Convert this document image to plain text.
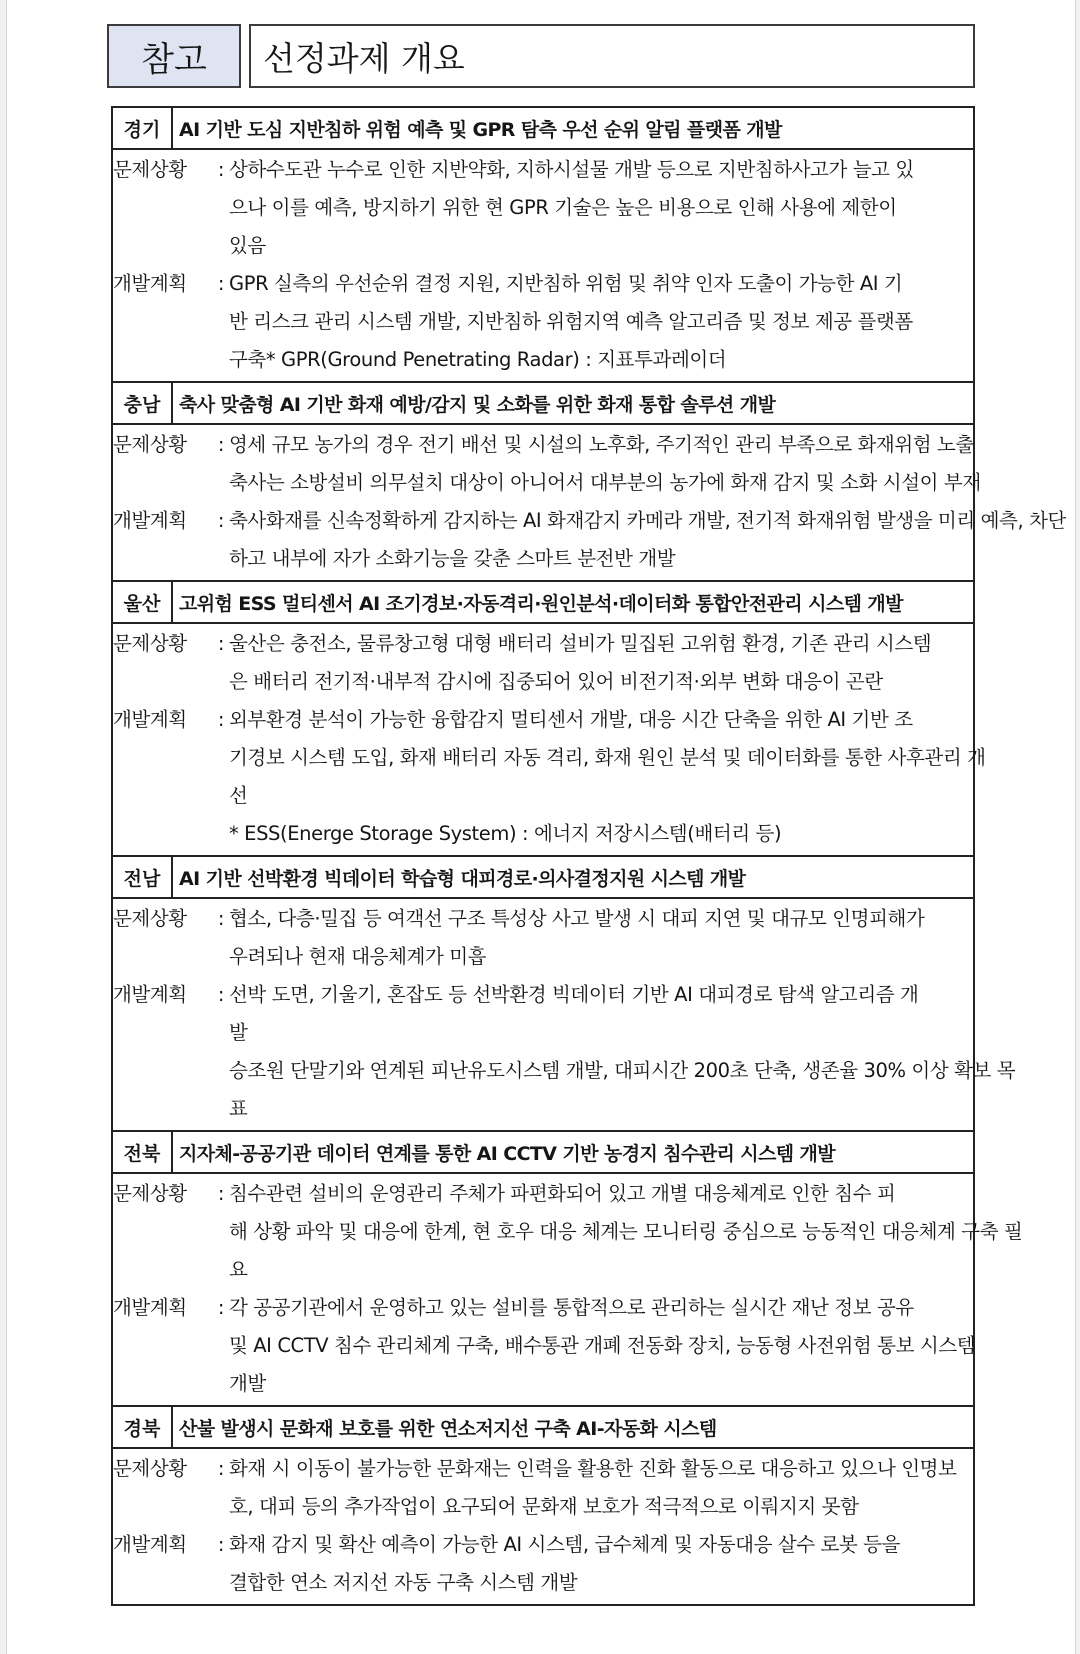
참고	선정과제 개요
경기 AI 기반 도심 지반침하 위험 예측 및 GPR 탐측 우선 순위 알림 플랫폼 개발
문제상황	: 상하수도관 누수로 인한 지반약화, 지하시설물 개발 등으로 지반침하사고가 늘고 있
으나 이를 예측, 방지하기 위한 현 GPR 기술은 높은 비용으로 인해 사용에 제한이
있음
개발계획	: GPR 실측의 우선순위 결정 지원, 지반침하 위험 및 취약 인자 도출이 가능한 AI 기
반 리스크 관리 시스템 개발, 지반침하 위험지역 예측 알고리즘 및 정보 제공 플랫폼
구축* GPR(Ground Penetrating Radar) : 지표투과레이더
충남 축사 맞춤형 AI 기반 화재 예방/감지 및 소화를 위한 화재 통합 솔루션 개발
문제상황	: 영세 규모 농가의 경우 전기 배선 및 시설의 노후화, 주기적인 관리 부족으로 화재위험 노출
축사는 소방설비 의무설치 대상이 아니어서 대부분의 농가에 화재 감지 및 소화 시설이 부재
개발계획	: 축사화재를 신속정확하게 감지하는 AI 화재감지 카메라 개발, 전기적 화재위험 발생을 미리 예측, 차단
하고 내부에 자가 소화기능을 갖춘 스마트 분전반 개발
울산 고위험 ESS 멀티센서 AI 조기경보·자동격리·원인분석·데이터화 통합안전관리 시스템 개발
문제상황	: 울산은 충전소, 물류창고형 대형 배터리 설비가 밀집된 고위험 환경, 기존 관리 시스템
은 배터리 전기적·내부적 감시에 집중되어 있어 비전기적·외부 변화 대응이 곤란
개발계획	: 외부환경 분석이 가능한 융합감지 멀티센서 개발, 대응 시간 단축을 위한 AI 기반 조
기경보 시스템 도입, 화재 배터리 자동 격리, 화재 원인 분석 및 데이터화를 통한 사후관리 개
선
* ESS(Energe Storage System) : 에너지 저장시스템(배터리 등)
전남 AI 기반 선박환경 빅데이터 학습형 대피경로·의사결정지원 시스템 개발
문제상황	: 협소, 다층·밀집 등 여객선 구조 특성상 사고 발생 시 대피 지연 및 대규모 인명피해가
우려되나 현재 대응체계가 미흡
개발계획	: 선박 도면, 기울기, 혼잡도 등 선박환경 빅데이터 기반 AI 대피경로 탐색 알고리즘 개
발
승조원 단말기와 연계된 피난유도시스템 개발, 대피시간 200초 단축, 생존율 30% 이상 확보 목
표
전북 지자체-공공기관 데이터 연계를 통한 AI CCTV 기반 농경지 침수관리 시스템 개발
문제상황	: 침수관련 설비의 운영관리 주체가 파편화되어 있고 개별 대응체계로 인한 침수 피
해 상황 파악 및 대응에 한계, 현 호우 대응 체계는 모니터링 중심으로 능동적인 대응체계 구축 필
요
개발계획	: 각 공공기관에서 운영하고 있는 설비를 통합적으로 관리하는 실시간 재난 정보 공유
및 AI CCTV 침수 관리체계 구축, 배수통관 개폐 전동화 장치, 능동형 사전위험 통보 시스템
개발
경북 산불 발생시 문화재 보호를 위한 연소저지선 구축 AI-자동화 시스템
문제상황	: 화재 시 이동이 불가능한 문화재는 인력을 활용한 진화 활동으로 대응하고 있으나 인명보
호, 대피 등의 추가작업이 요구되어 문화재 보호가 적극적으로 이뤄지지 못함
개발계획	: 화재 감지 및 확산 예측이 가능한 AI 시스템, 급수체계 및 자동대응 살수 로봇 등을
결합한 연소 저지선 자동 구축 시스템 개발
